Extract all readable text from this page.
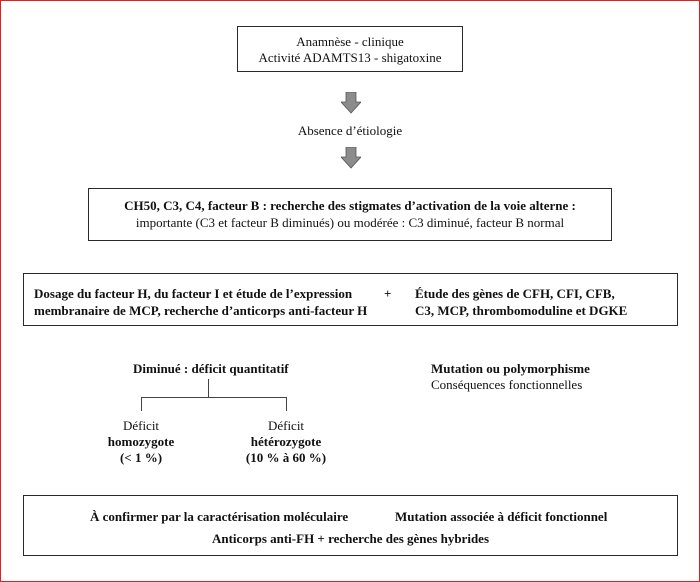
Anamnèse - clinique
Activité ADAMTS13 - shigatoxine
Absence d’étiologie
CH50, C3, C4, facteur B : recherche des stigmates d’activation de la voie alterne :
importante (C3 et facteur B diminués) ou modérée : C3 diminué, facteur B normal
Dosage du facteur H, du facteur I et étude de l’expression
membranaire de MCP, recherche d’anticorps anti-facteur H
+ Étude des gènes de CFH, CFI, CFB,
C3, MCP, thrombomoduline et DGKE
Diminué : déficit quantitatif
Déficit
homozygote
(< 1 %)
Déficit
hétérozygote
(10 % à 60 %)
Mutation ou polymorphisme
Conséquences fonctionnelles
À confirmer par la caractérisation moléculaire	Mutation associée à déficit fonctionnel
Anticorps anti-FH + recherche des gènes hybrides
